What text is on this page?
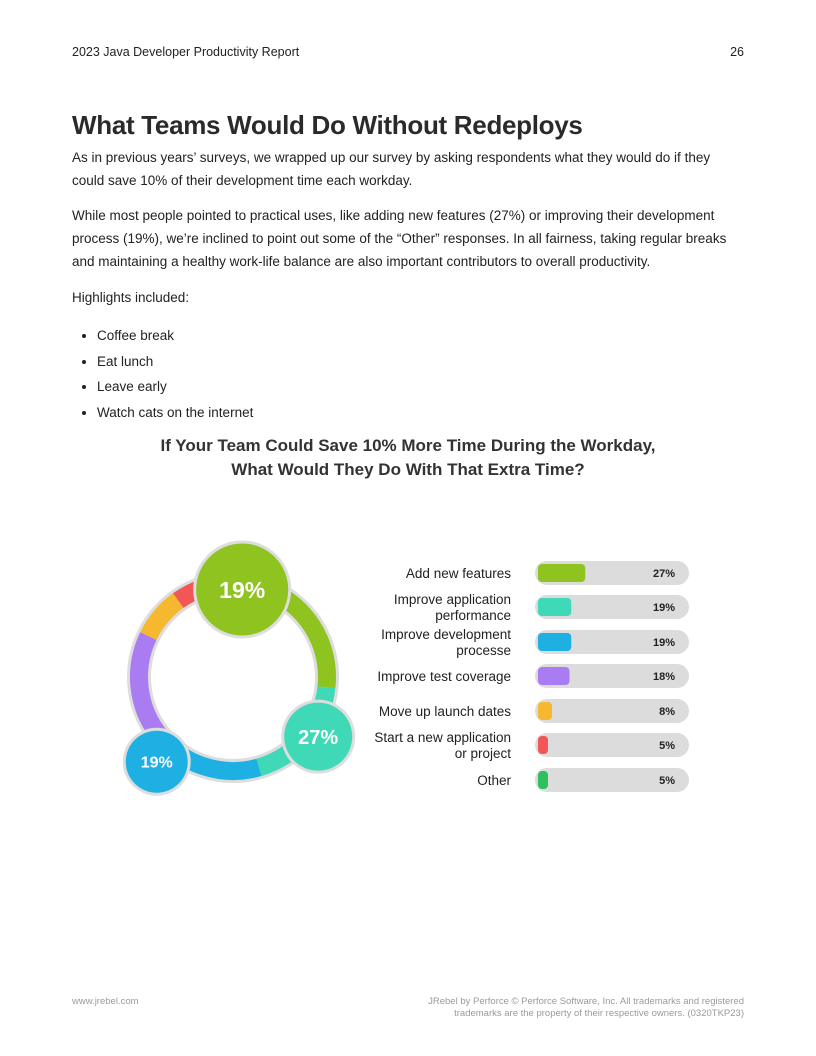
2023 Java Developer Productivity Report	26
What Teams Would Do Without Redeploys

As in previous years’ surveys, we wrapped up our survey by asking respondents what they would do if they could save 10% of their development time each workday.

While most people pointed to practical uses, like adding new features (27%) or improving their development process (19%), we’re inclined to point out some of the “Other” responses. In all fairness, taking regular breaks and maintaining a healthy work-life balance are also important contributors to overall productivity.

Highlights included:

• Coffee break
• Eat lunch
• Leave early
• Watch cats on the internet
If Your Team Could Save 10% More Time During the Workday,
What Would They Do With That Extra Time?
19%
27%
19%
Add new features	27%
Improve application
performance	19%
Improve development
processe	19%
Improve test coverage	18%
Move up launch dates	8%
Start a new application
or project	5%
Other	5%
www.jrebel.com	JRebel by Perforce © Perforce Software, Inc. All trademarks and registered
trademarks are the property of their respective owners. (0320TKP23)
